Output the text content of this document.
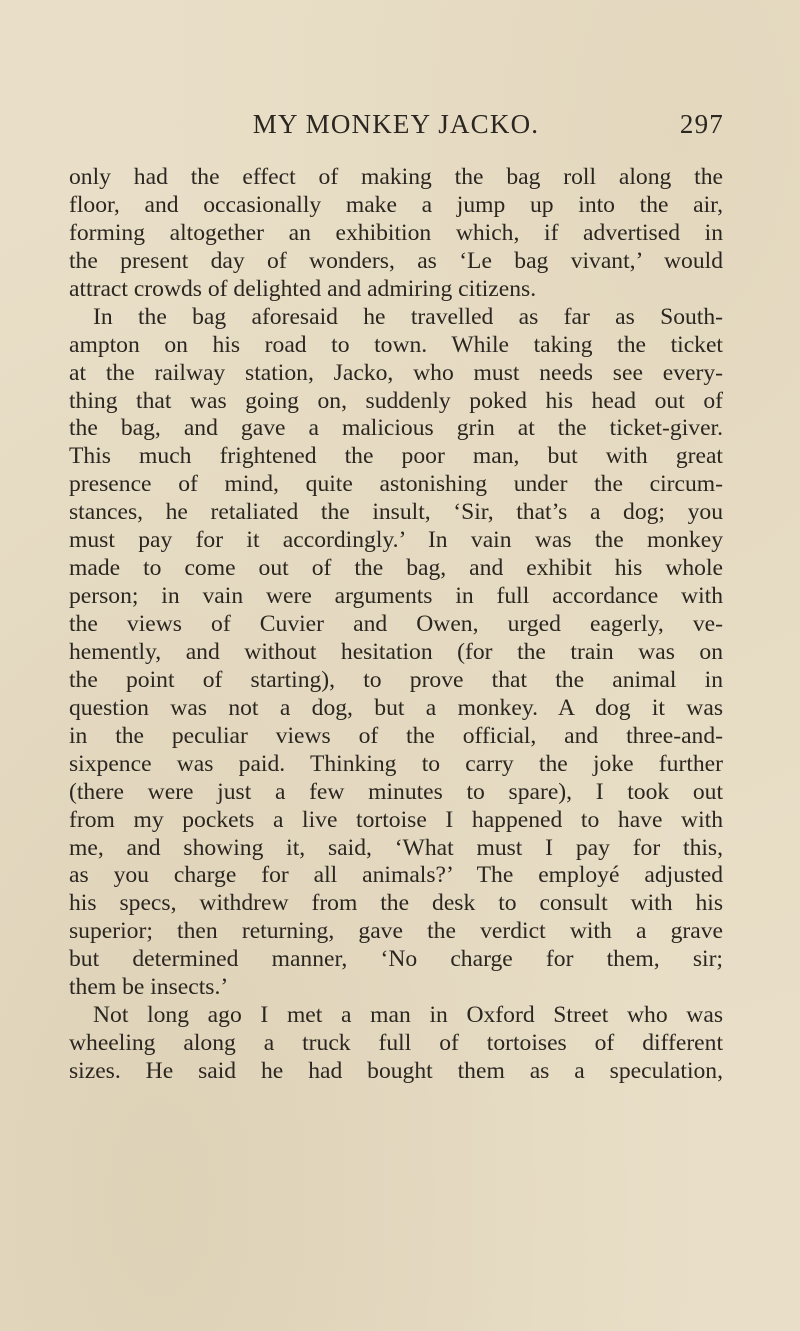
MY MONKEY JACKO.	297
only had the effect of making the bag roll along the
floor, and occasionally make a jump up into the air,
forming altogether an exhibition which, if advertised in
the present day of wonders, as ‘Le bag vivant,’ would
attract crowds of delighted and admiring citizens.
In the bag aforesaid he travelled as far as South-
ampton on his road to town. While taking the ticket
at the railway station, Jacko, who must needs see every-
thing that was going on, suddenly poked his head out of
the bag, and gave a malicious grin at the ticket-giver.
This much frightened the poor man, but with great
presence of mind, quite astonishing under the circum-
stances, he retaliated the insult, ‘Sir, that’s a dog; you
must pay for it accordingly.’ In vain was the monkey
made to come out of the bag, and exhibit his whole
person; in vain were arguments in full accordance with
the views of Cuvier and Owen, urged eagerly, ve-
hemently, and without hesitation (for the train was on
the point of starting), to prove that the animal in
question was not a dog, but a monkey. A dog it was
in the peculiar views of the official, and three-and-
sixpence was paid. Thinking to carry the joke further
(there were just a few minutes to spare), I took out
from my pockets a live tortoise I happened to have with
me, and showing it, said, ‘What must I pay for this,
as you charge for all animals?’ The employé adjusted
his specs, withdrew from the desk to consult with his
superior; then returning, gave the verdict with a grave
but determined manner, ‘No charge for them, sir;
them be insects.’
Not long ago I met a man in Oxford Street who was
wheeling along a truck full of tortoises of different
sizes. He said he had bought them as a speculation,
